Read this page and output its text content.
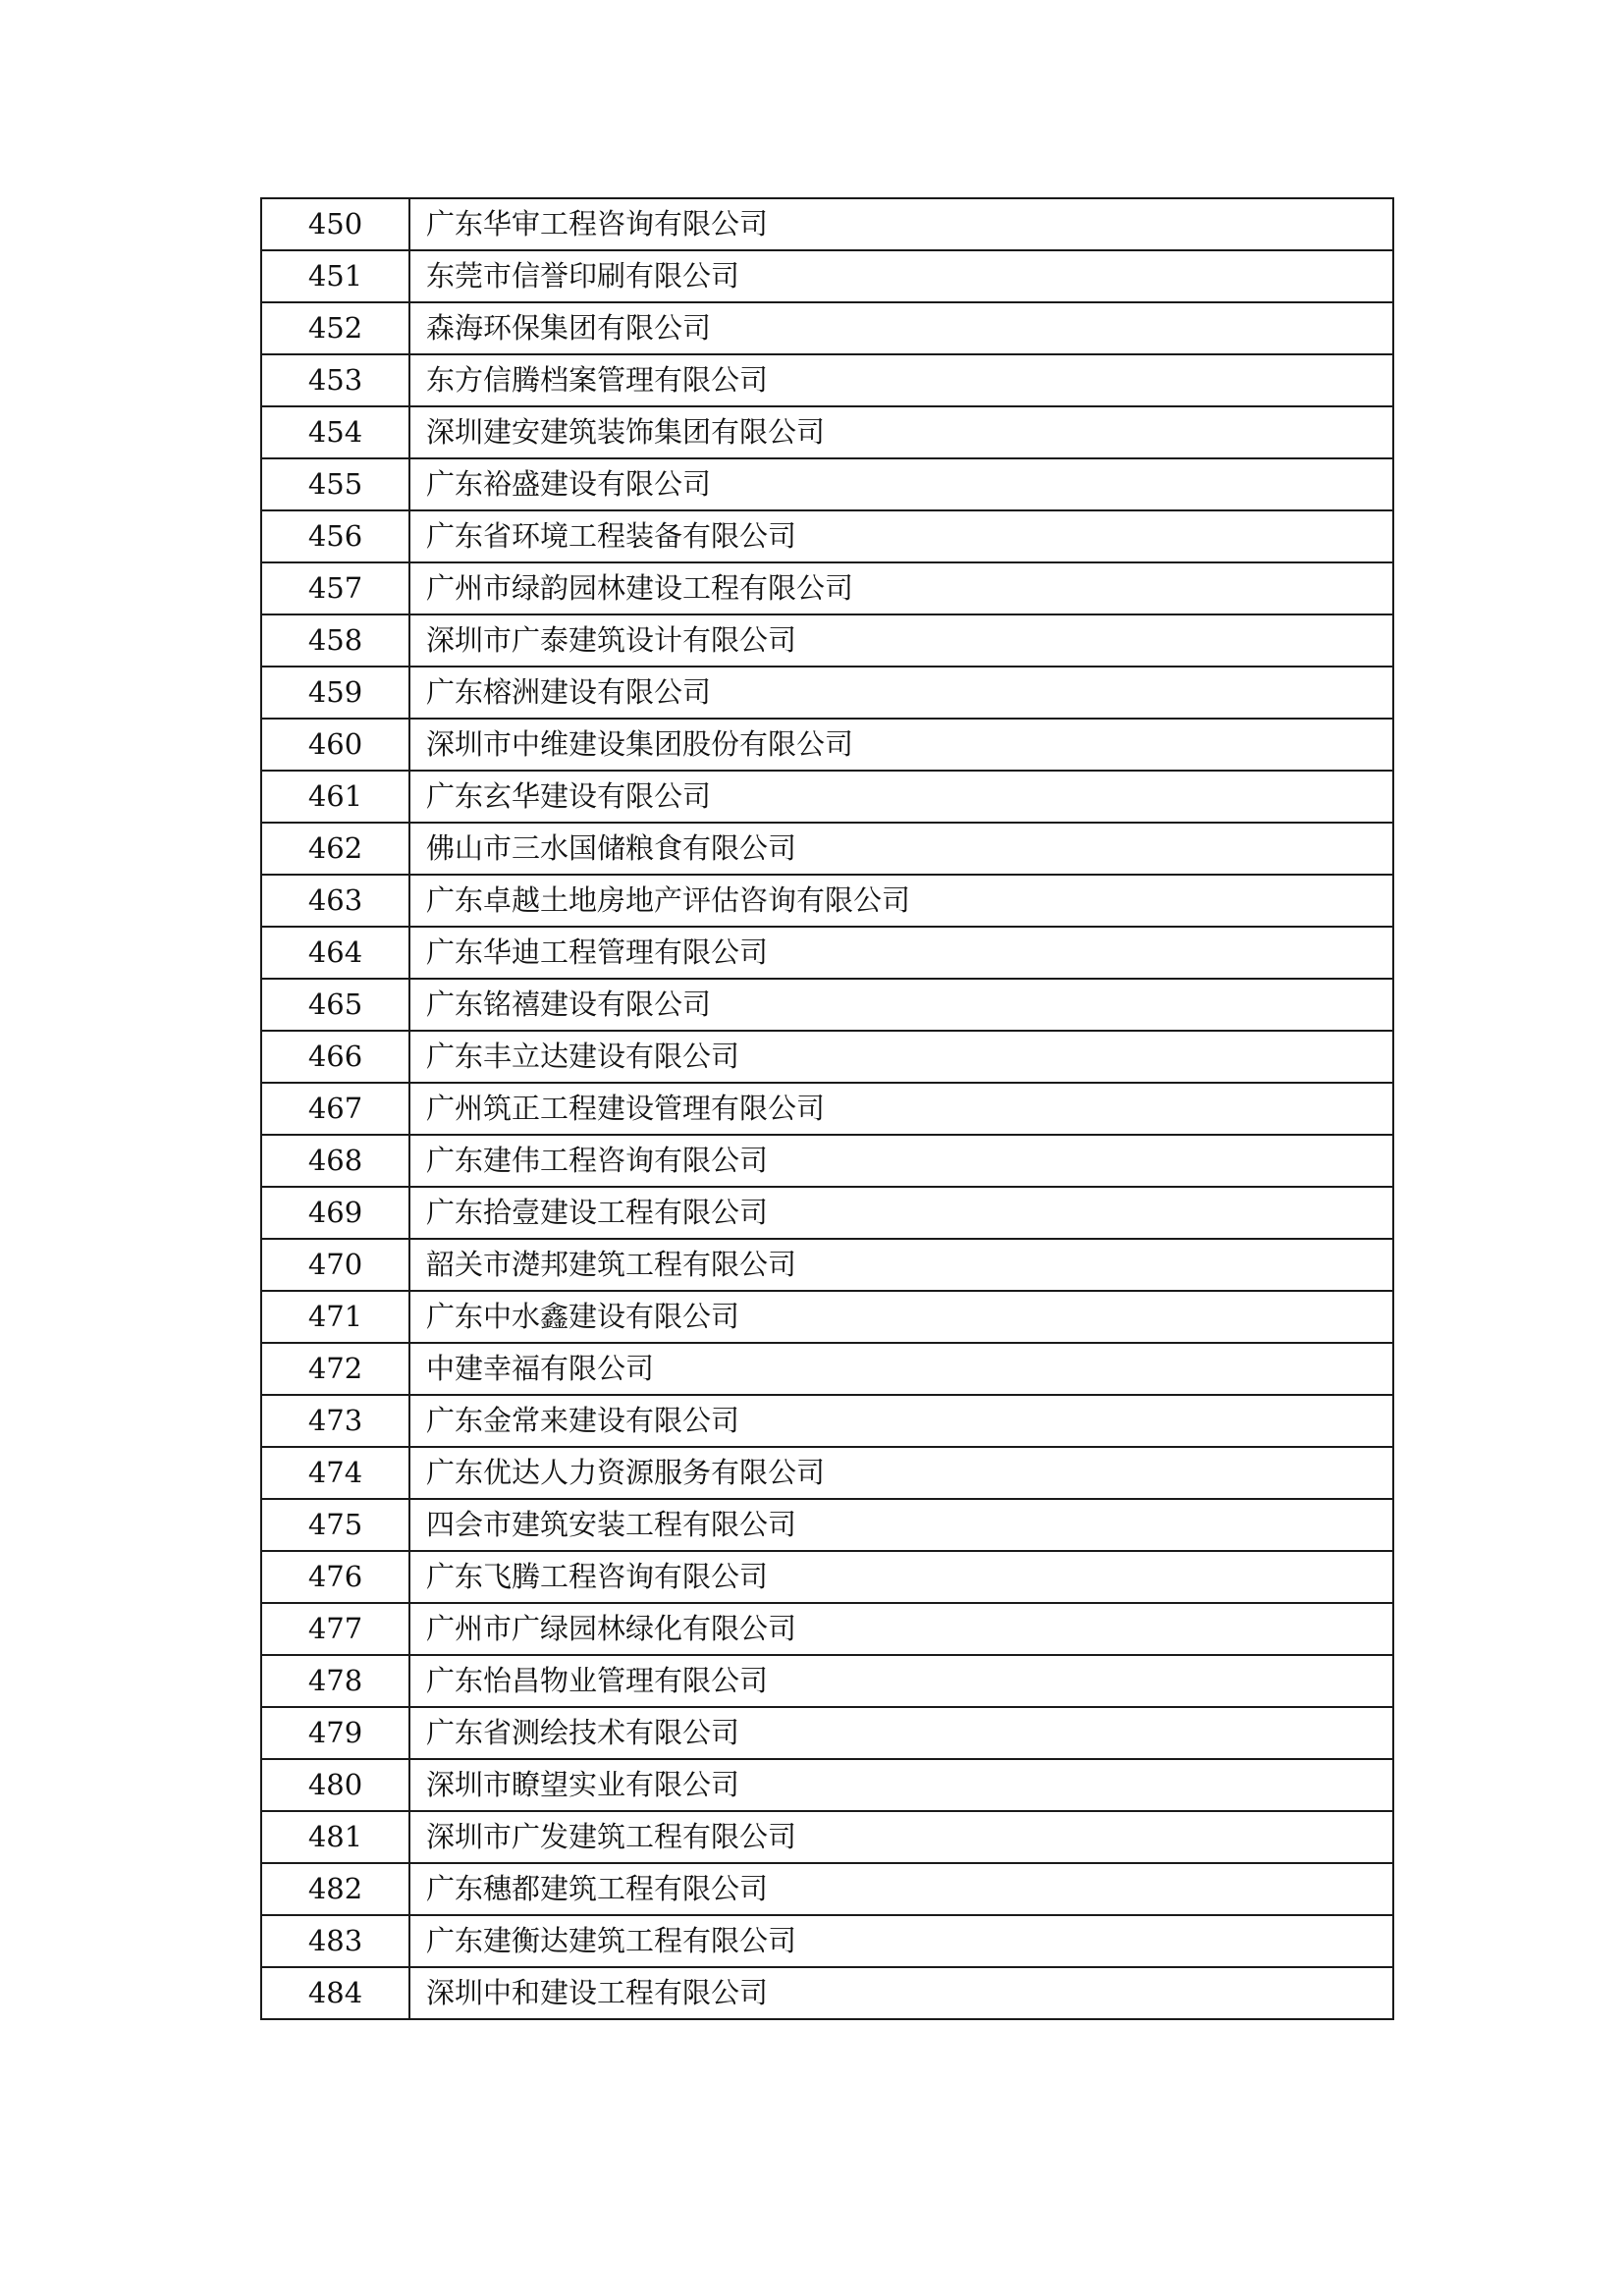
450	广东华审工程咨询有限公司
451	东莞市信誉印刷有限公司
452	森海环保集团有限公司
453	东方信腾档案管理有限公司
454	深圳建安建筑装饰集团有限公司
455	广东裕盛建设有限公司
456	广东省环境工程装备有限公司
457	广州市绿韵园林建设工程有限公司
458	深圳市广泰建筑设计有限公司
459	广东榕洲建设有限公司
460	深圳市中维建设集团股份有限公司
461	广东玄华建设有限公司
462	佛山市三水国储粮食有限公司
463	广东卓越土地房地产评估咨询有限公司
464	广东华迪工程管理有限公司
465	广东铭禧建设有限公司
466	广东丰立达建设有限公司
467	广州筑正工程建设管理有限公司
468	广东建伟工程咨询有限公司
469	广东拾壹建设工程有限公司
470	韶关市濋邦建筑工程有限公司
471	广东中水鑫建设有限公司
472	中建幸福有限公司
473	广东金常来建设有限公司
474	广东优达人力资源服务有限公司
475	四会市建筑安装工程有限公司
476	广东飞腾工程咨询有限公司
477	广州市广绿园林绿化有限公司
478	广东怡昌物业管理有限公司
479	广东省测绘技术有限公司
480	深圳市瞭望实业有限公司
481	深圳市广发建筑工程有限公司
482	广东穗都建筑工程有限公司
483	广东建衡达建筑工程有限公司
484	深圳中和建设工程有限公司
